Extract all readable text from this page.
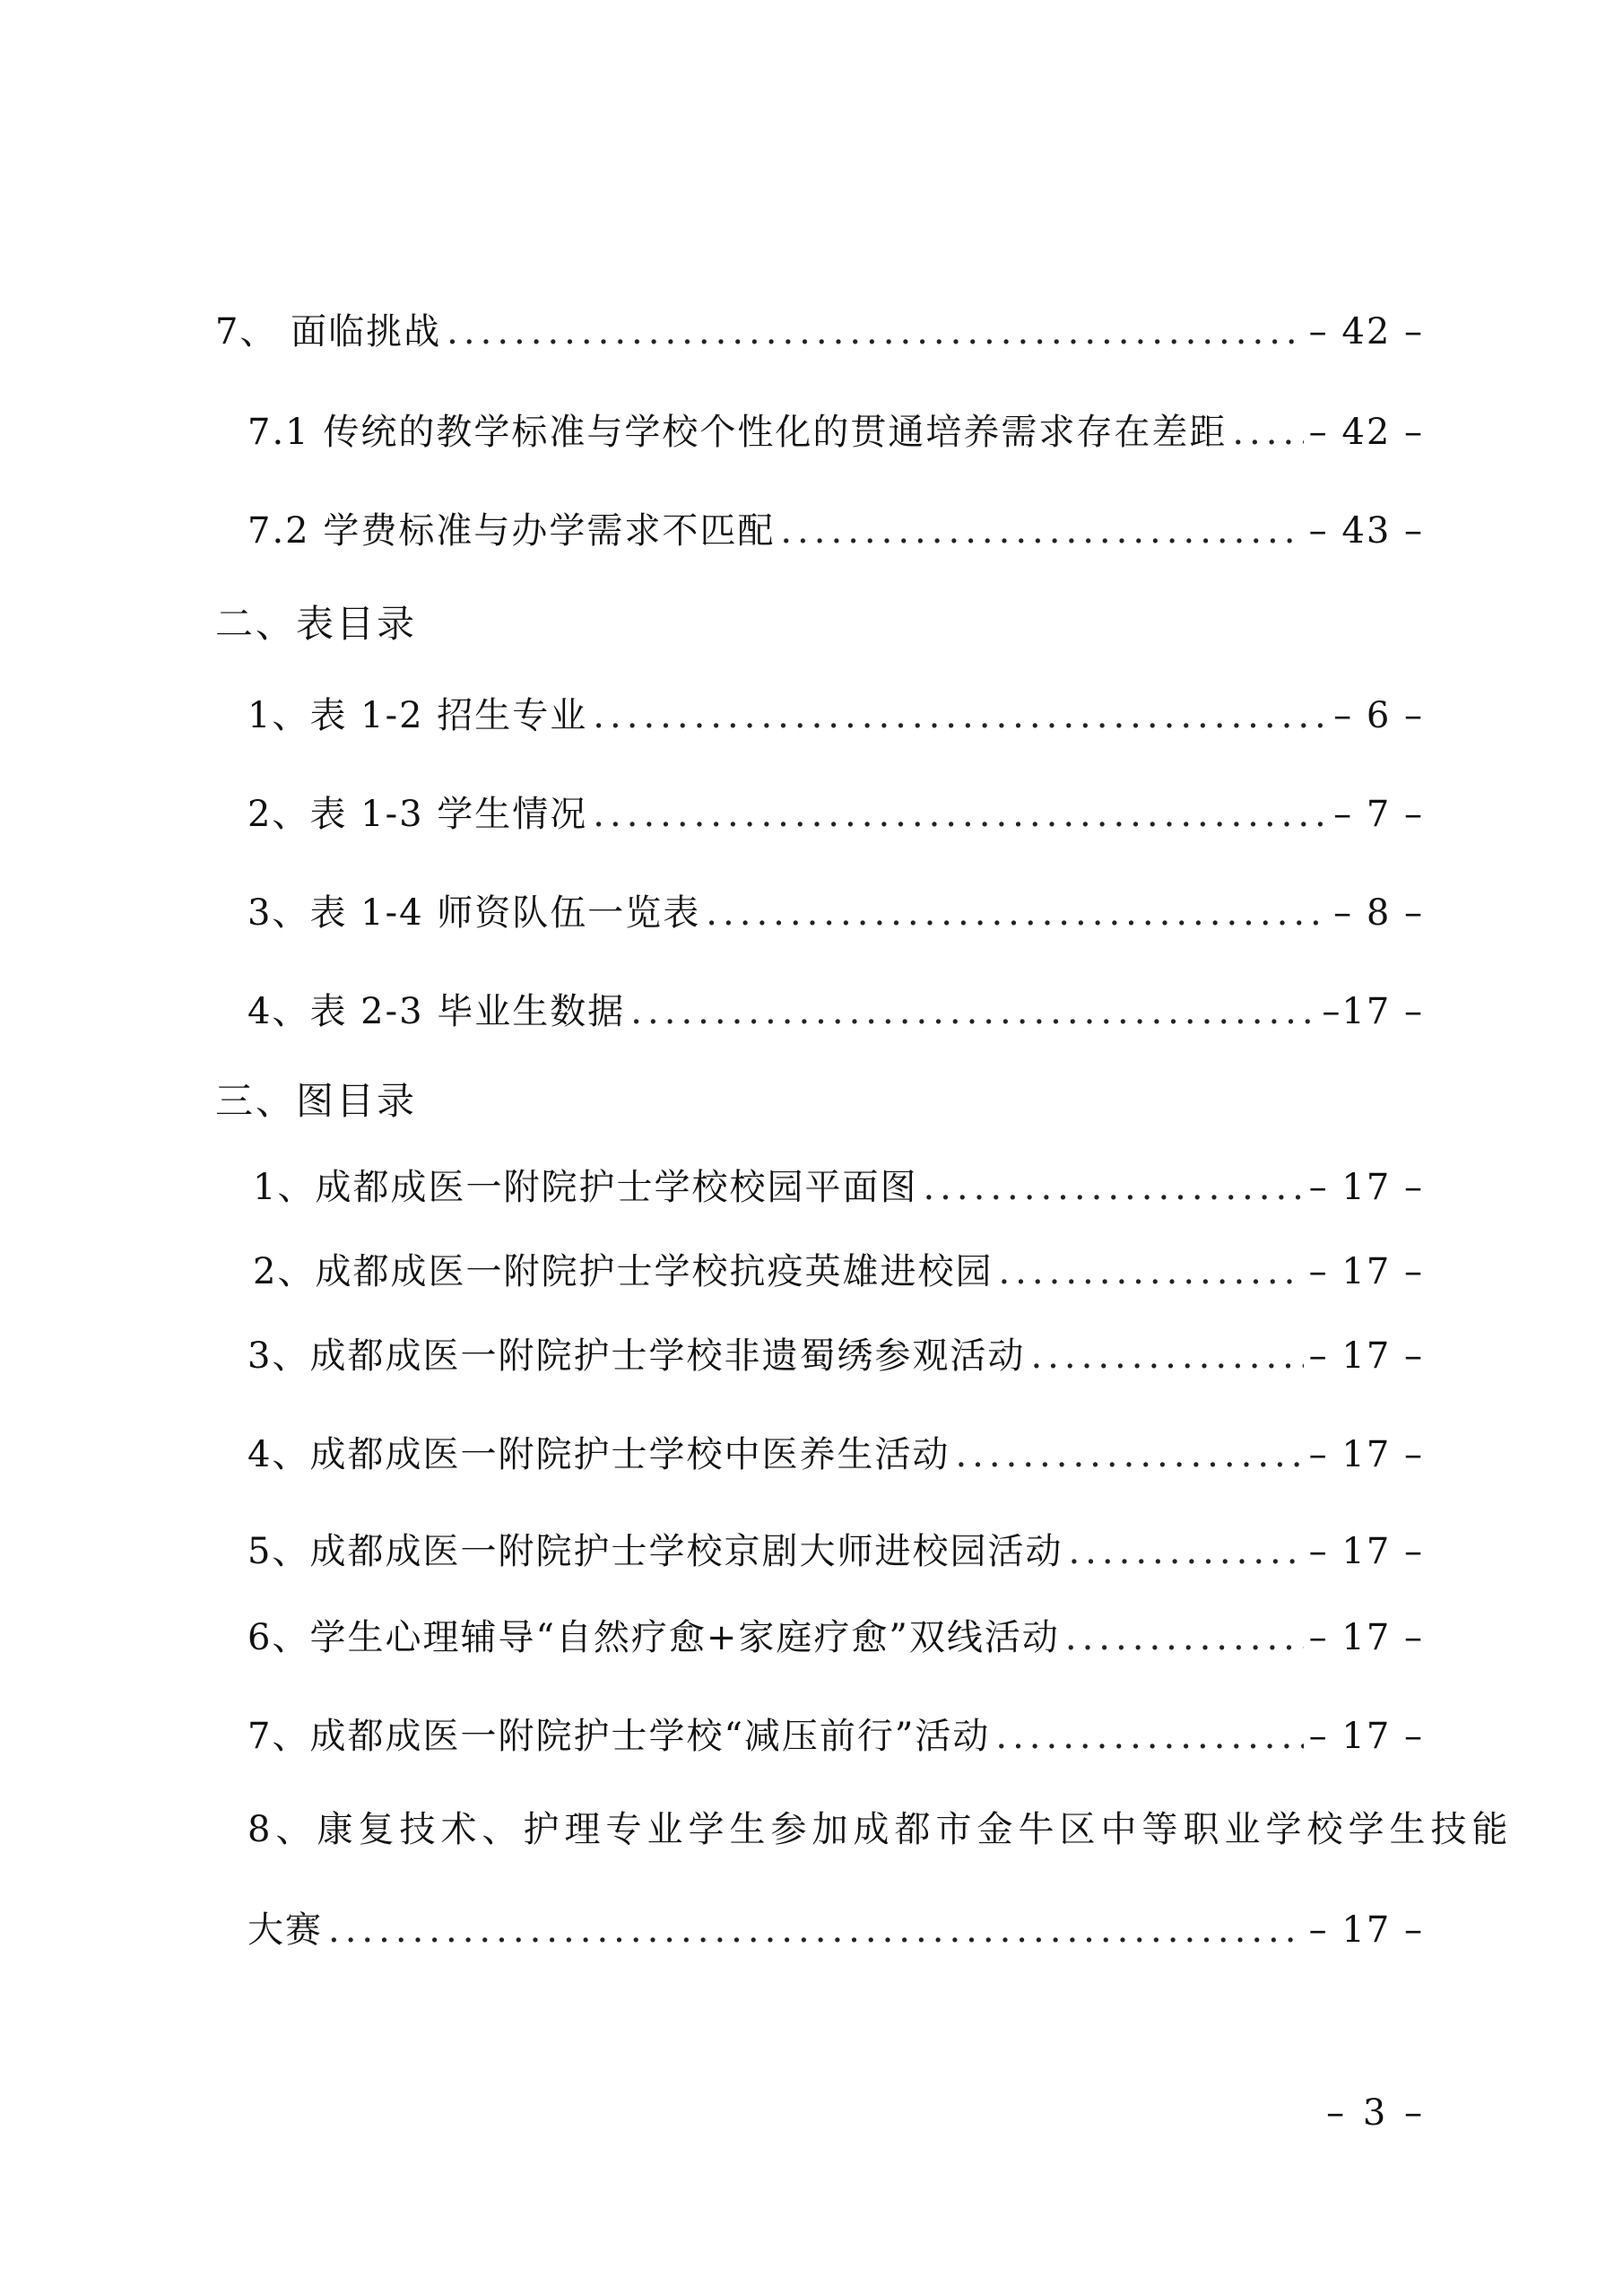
7、 面临挑战 .....	– 42 –
7.1 传统的教学标准与学校个性化的贯通培养需求存在差距 ..... – 42 –
7.2 学费标准与办学需求不匹配 .....	– 43 –
二、表目录
1、表 1-2 招生专业 .....	– 6 –
2、表 1-3 学生情况 .....	– 7 –
3、表 1-4 师资队伍一览表 .....	– 8 –
4、表 2-3 毕业生数据 .....	–17 –
三、图目录
1、成都成医一附院护士学校校园平面图 .....	– 17 –
2、成都成医一附院护士学校抗疫英雄进校园 .....	– 17 –
3、成都成医一附院护士学校非遗蜀绣参观活动 .....	– 17 –
4、成都成医一附院护士学校中医养生活动 .....	– 17 –
5、成都成医一附院护士学校京剧大师进校园活动 .....	– 17 –
6、学生心理辅导“自然疗愈+家庭疗愈”双线活动 .....	– 17 –
7、成都成医一附院护士学校“减压前行”活动 .....	– 17 –
8、康复技术、护理专业学生参加成都市金牛区中等职业学校学生技能
大赛 .....	– 17 –
– 3 –
